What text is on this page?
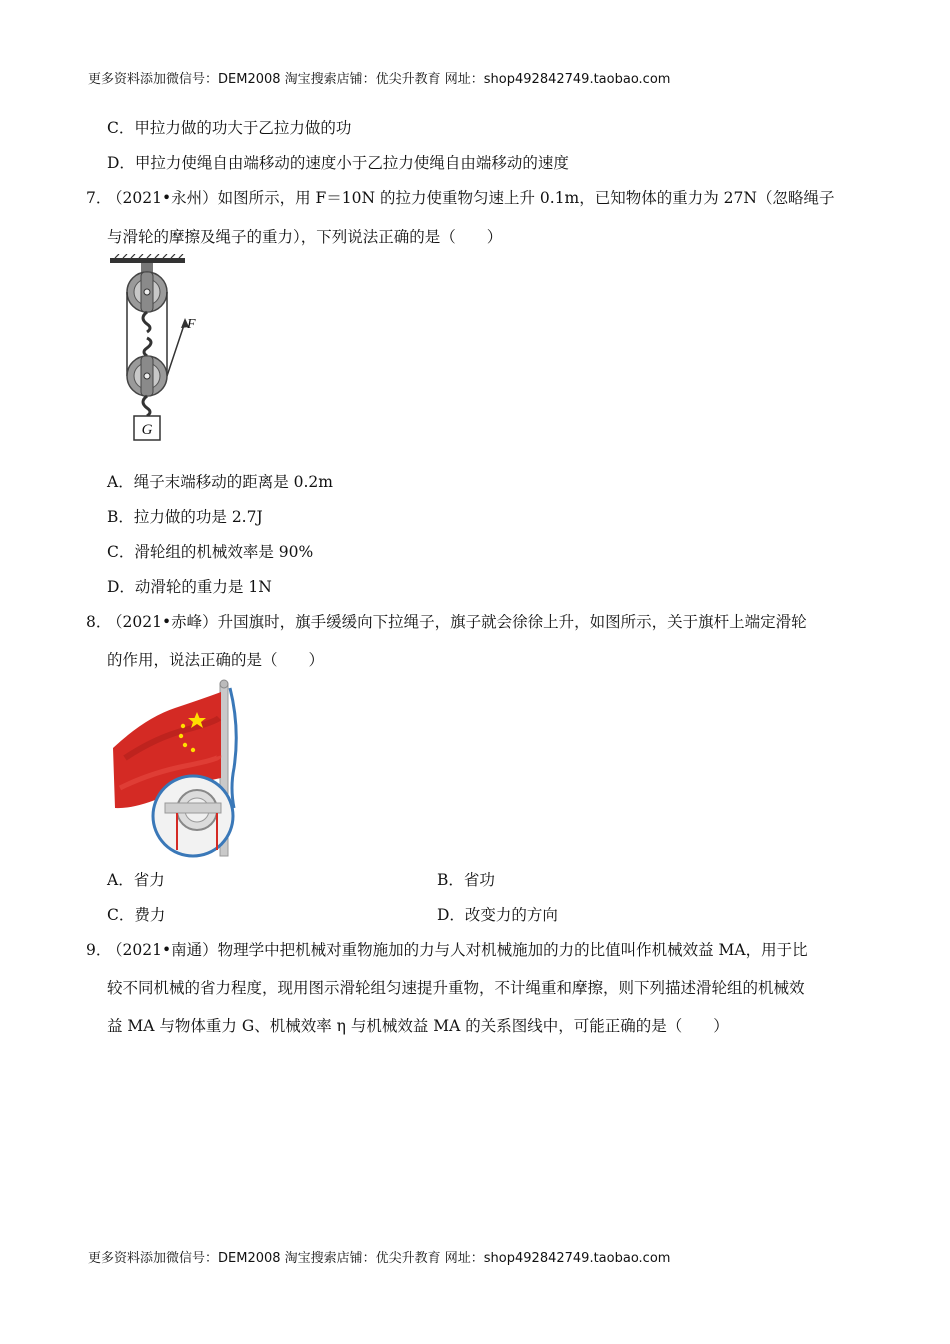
更多资料添加微信号：DEM2008 淘宝搜索店铺：优尖升教育 网址：shop492842749.taobao.com
C．甲拉力做的功大于乙拉力做的功
D．甲拉力使绳自由端移动的速度小于乙拉力使绳自由端移动的速度
7．
（2021•永州）如图所示，用 F＝10N 的拉力使重物匀速上升 0.1m，已知物体的重力为 27N（忽略绳子
与滑轮的摩擦及绳子的重力），下列说法正确的是（　　）
G
F
A．绳子末端移动的距离是 0.2m
B．拉力做的功是 2.7J
C．滑轮组的机械效率是 90%
D．动滑轮的重力是 1N
8．
（2021•赤峰）升国旗时，旗手缓缓向下拉绳子，旗子就会徐徐上升，如图所示，关于旗杆上端定滑轮
的作用，说法正确的是（　　）
A．省力	B．省功
C．费力	D．改变力的方向
9．
（2021•南通）物理学中把机械对重物施加的力与人对机械施加的力的比值叫作机械效益 MA，用于比
较不同机械的省力程度，现用图示滑轮组匀速提升重物，不计绳重和摩擦，则下列描述滑轮组的机械效
益 MA 与物体重力 G、机械效率 η 与机械效益 MA 的关系图线中，可能正确的是（　　）
更多资料添加微信号：DEM2008 淘宝搜索店铺：优尖升教育 网址：shop492842749.taobao.com
